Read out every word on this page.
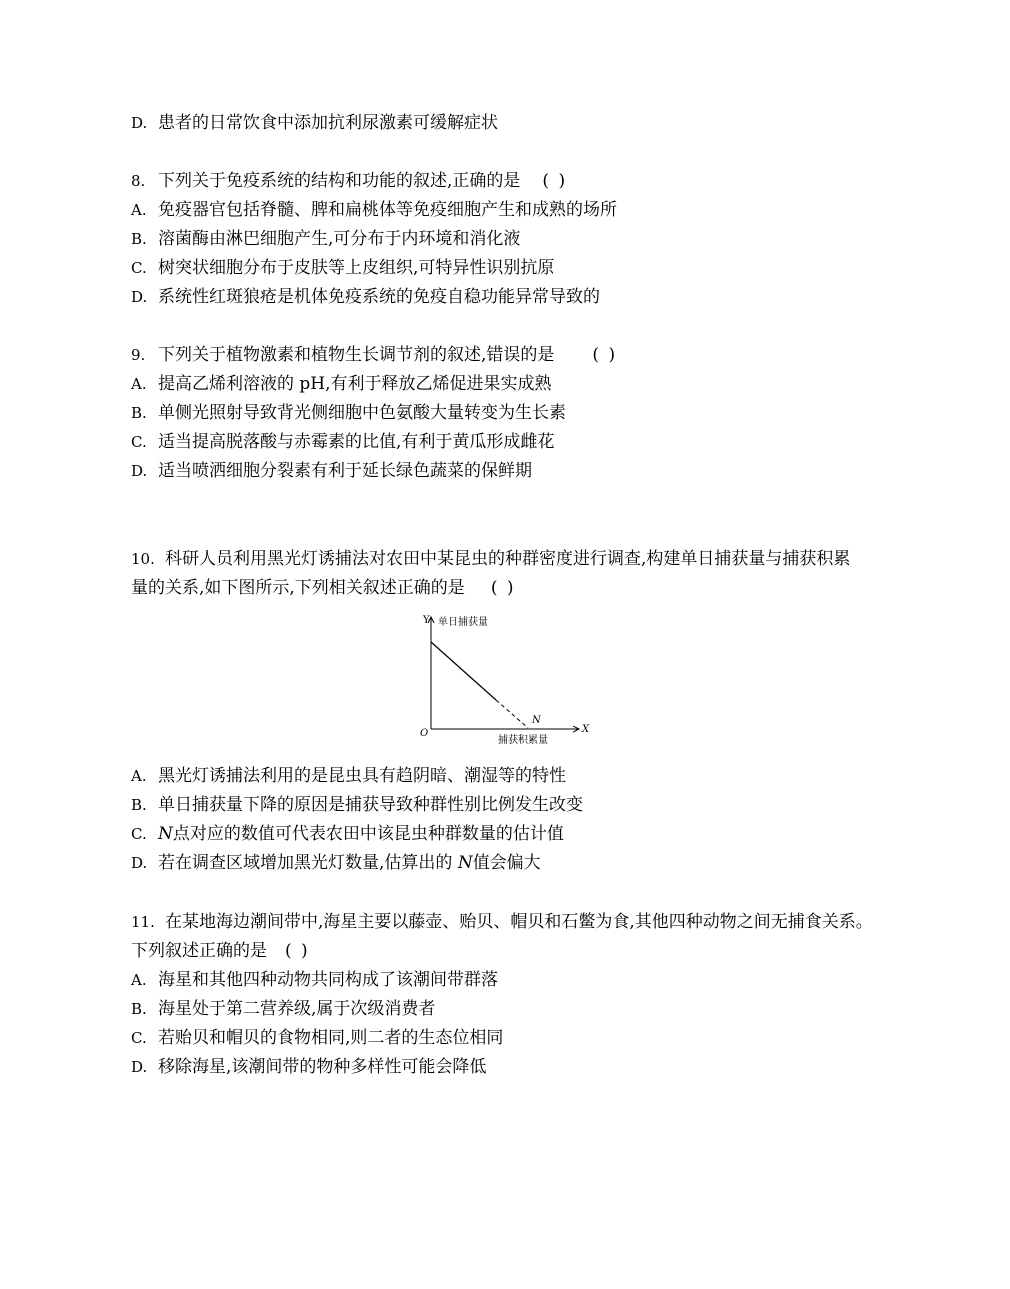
D. 患者的日常饮食中添加抗利尿激素可缓解症状
8. 下列关于免疫系统的结构和功能的叙述,正确的是 ( )
A. 免疫器官包括脊髓、脾和扁桃体等免疫细胞产生和成熟的场所
B. 溶菌酶由淋巴细胞产生,可分布于内环境和消化液
C. 树突状细胞分布于皮肤等上皮组织,可特异性识别抗原
D. 系统性红斑狼疮是机体免疫系统的免疫自稳功能异常导致的
9. 下列关于植物激素和植物生长调节剂的叙述,错误的是 ( )
A. 提高乙烯利溶液的 pH,有利于释放乙烯促进果实成熟
B. 单侧光照射导致背光侧细胞中色氨酸大量转变为生长素
C. 适当提高脱落酸与赤霉素的比值,有利于黄瓜形成雌花
D. 适当喷洒细胞分裂素有利于延长绿色蔬菜的保鲜期
10. 科研人员利用黑光灯诱捕法对农田中某昆虫的种群密度进行调查,构建单日捕获量与捕获积累
量的关系,如下图所示,下列相关叙述正确的是 ( )
Y 单日捕获量
X
捕获积累量
O
N
A. 黑光灯诱捕法利用的是昆虫具有趋阴暗、潮湿等的特性
B. 单日捕获量下降的原因是捕获导致种群性别比例发生改变
C. N点对应的数值可代表农田中该昆虫种群数量的估计值
D. 若在调查区域增加黑光灯数量,估算出的 N值会偏大
11. 在某地海边潮间带中,海星主要以藤壶、贻贝、帽贝和石鳖为食,其他四种动物之间无捕食关系。
下列叙述正确的是 ( )
A. 海星和其他四种动物共同构成了该潮间带群落
B. 海星处于第二营养级,属于次级消费者
C. 若贻贝和帽贝的食物相同,则二者的生态位相同
D. 移除海星,该潮间带的物种多样性可能会降低
